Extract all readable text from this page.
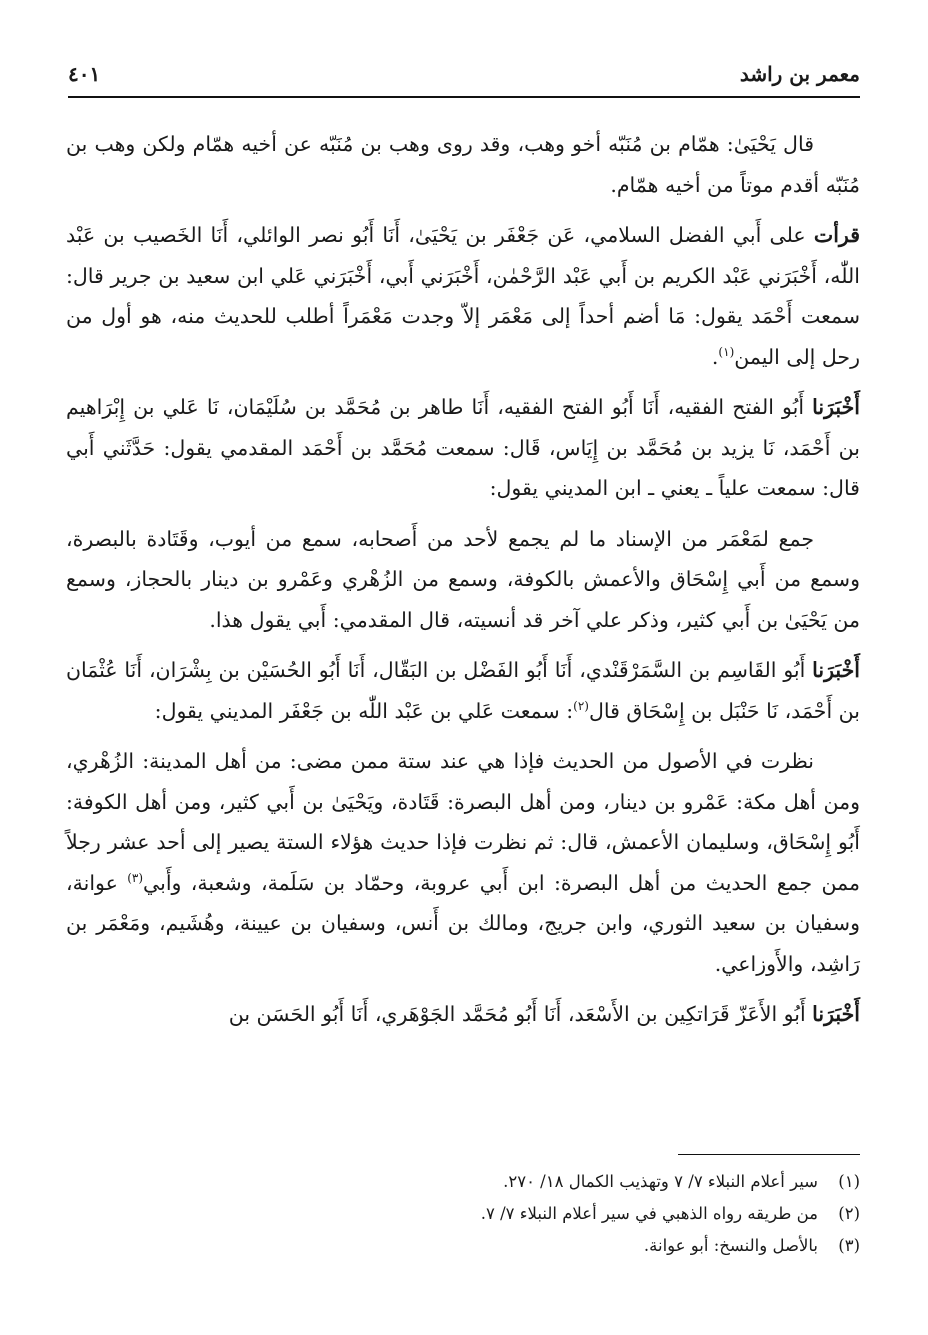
معمر بن راشد
٤٠١

قال يَحْيَىٰ: همّام بن مُنَبّه أخو وهب، وقد روى وهب بن مُنَبّه عن أخيه همّام ولكن وهب بن مُنَبّه أقدم موتاً من أخيه همّام.

قرأت على أَبي الفضل السلامي، عَن جَعْفَر بن يَحْيَىٰ، أَنَا أَبُو نصر الوائلي، أَنَا الخَصيب بن عَبْد اللّٰه، أَخْبَرَني عَبْد الكريم بن أَبي عَبْد الرَّحْمٰن، أَخْبَرَني أَبي، أَخْبَرَني عَلي ابن سعيد بن جرير قال: سمعت أَحْمَد يقول: مَا أضم أحداً إلى مَعْمَر إلاّ وجدت مَعْمَراً أطلب للحديث منه، هو أول من رحل إلى اليمن$^{(١)}$.

أَخْبَرَنا أَبُو الفتح الفقيه، أَنَا أَبُو الفتح الفقيه، أَنَا طاهر بن مُحَمَّد بن سُلَيْمَان، نَا عَلي بن إِبْرَاهيم بن أَحْمَد، نَا يزيد بن مُحَمَّد بن إِيَاس، قَال: سمعت مُحَمَّد بن أَحْمَد المقدمي يقول: حَدَّثَني أَبي قال: سمعت علياً ـ يعني ـ ابن المديني يقول:

جمع لمَعْمَر من الإسناد ما لم يجمع لأحد من أَصحابه، سمع من أيوب، وقَتَادة بالبصرة، وسمع من أَبي إِسْحَاق والأعمش بالكوفة، وسمع من الزُهْري وعَمْرو بن دينار بالحجاز، وسمع من يَحْيَىٰ بن أَبي كثير، وذكر علي آخر قد أنسيته، قال المقدمي: أَبي يقول هذا.

أَخْبَرَنا أَبُو القَاسِم بن السَّمَرْقَنْدي، أَنَا أَبُو الفَضْل بن البَقّال، أَنَا أَبُو الحُسَيْن بن بِشْرَان، أَنَا عُثْمَان بن أَحْمَد، نَا حَنْبَل بن إِسْحَاق قال$^{(٢)}$: سمعت عَلي بن عَبْد اللّٰه بن جَعْفَر المديني يقول:

نظرت في الأصول من الحديث فإذا هي عند ستة ممن مضى: من أهل المدينة: الزُهْري، ومن أهل مكة: عَمْرو بن دينار، ومن أهل البصرة: قَتَادة، ويَحْيَىٰ بن أَبي كثير، ومن أهل الكوفة: أَبُو إِسْحَاق، وسليمان الأعمش، قال: ثم نظرت فإذا حديث هؤلاء الستة يصير إلى أحد عشر رجلاً ممن جمع الحديث من أهل البصرة: ابن أَبي عروبة، وحمّاد بن سَلَمة، وشعبة، وأَبي$^{(٣)}$ عوانة، وسفيان بن سعيد الثوري، وابن جريج، ومالك بن أَنس، وسفيان بن عيينة، وهُشَيم، ومَعْمَر بن رَاشِد، والأَوزاعي.

أَخْبَرَنا أَبُو الأَعَزّ قَرَاتكِين بن الأَسْعَد، أَنَا أَبُو مُحَمَّد الجَوْهَري، أَنَا أَبُو الحَسَن بن

(١)
سير أعلام النبلاء ٧/ ٧ وتهذيب الكمال ١٨/ ٢٧٠.
(٢)
من طريقه رواه الذهبي في سير أعلام النبلاء ٧/ ٧.
(٣)
بالأصل والنسخ: أبو عوانة.
